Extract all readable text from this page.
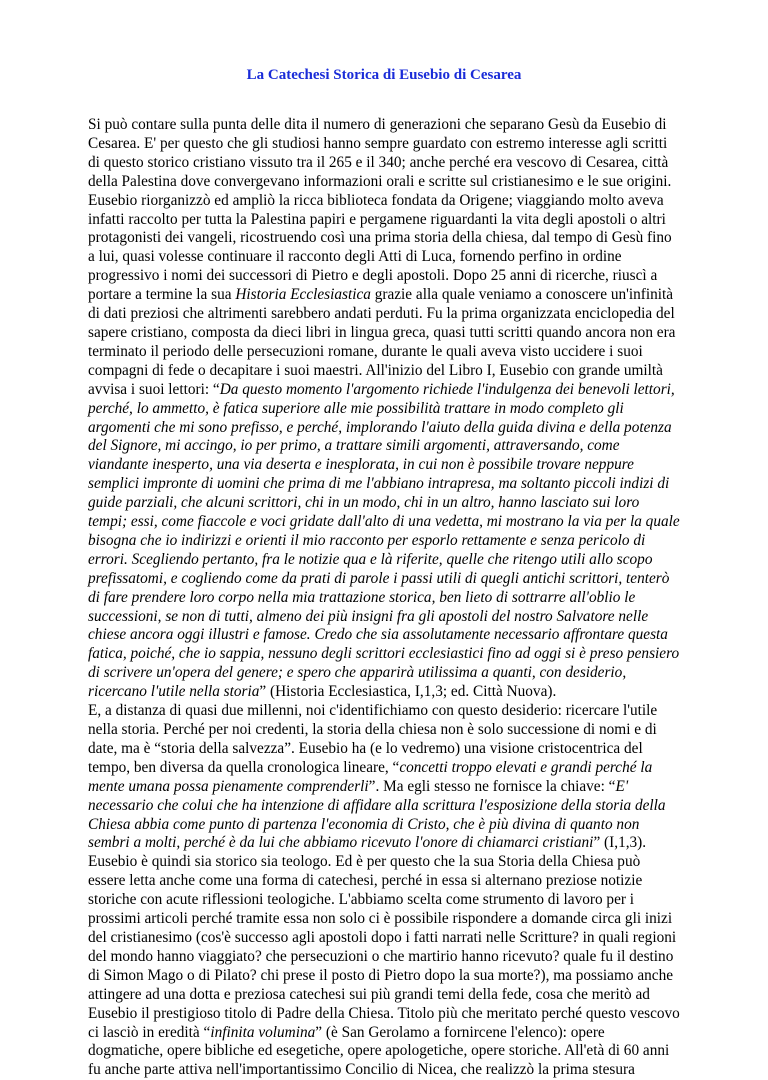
La Catechesi Storica di Eusebio di Cesarea

Si può contare sulla punta delle dita il numero di generazioni che separano Gesù da Eusebio di Cesarea. E' per questo che gli studiosi hanno sempre guardato con estremo interesse agli scritti di questo storico cristiano vissuto tra il 265 e il 340; anche perché era vescovo di Cesarea, città della Palestina dove convergevano informazioni orali e scritte sul cristianesimo e le sue origini. Eusebio riorganizzò ed ampliò la ricca biblioteca fondata da Origene; viaggiando molto aveva infatti raccolto per tutta la Palestina papiri e pergamene riguardanti la vita degli apostoli o altri protagonisti dei vangeli, ricostruendo così una prima storia della chiesa, dal tempo di Gesù fino a lui, quasi volesse continuare il racconto degli Atti di Luca, fornendo perfino in ordine progressivo i nomi dei successori di Pietro e degli apostoli. Dopo 25 anni di ricerche, riuscì a portare a termine la sua Historia Ecclesiastica grazie alla quale veniamo a conoscere un'infinità di dati preziosi che altrimenti sarebbero andati perduti. Fu la prima organizzata enciclopedia del sapere cristiano, composta da dieci libri in lingua greca, quasi tutti scritti quando ancora non era terminato il periodo delle persecuzioni romane, durante le quali aveva visto uccidere i suoi compagni di fede o decapitare i suoi maestri. All'inizio del Libro I, Eusebio con grande umiltà avvisa i suoi lettori: “Da questo momento l'argomento richiede l'indulgenza dei benevoli lettori, perché, lo ammetto, è fatica superiore alle mie possibilità trattare in modo completo gli argomenti che mi sono prefisso, e perché, implorando l'aiuto della guida divina e della potenza del Signore, mi accingo, io per primo, a trattare simili argomenti, attraversando, come viandante inesperto, una via deserta e inesplorata, in cui non è possibile trovare neppure semplici impronte di uomini che prima di me l'abbiano intrapresa, ma soltanto piccoli indizi di guide parziali, che alcuni scrittori, chi in un modo, chi in un altro, hanno lasciato sui loro tempi; essi, come fiaccole e voci gridate dall'alto di una vedetta, mi mostrano la via per la quale bisogna che io indirizzi e orienti il mio racconto per esporlo rettamente e senza pericolo di errori. Scegliendo pertanto, fra le notizie qua e là riferite, quelle che ritengo utili allo scopo prefissatomi, e cogliendo come da prati di parole i passi utili di quegli antichi scrittori, tenterò di fare prendere loro corpo nella mia trattazione storica, ben lieto di sottrarre all'oblio le successioni, se non di tutti, almeno dei più insigni fra gli apostoli del nostro Salvatore nelle chiese ancora oggi illustri e famose. Credo che sia assolutamente necessario affrontare questa fatica, poiché, che io sappia, nessuno degli scrittori ecclesiastici fino ad oggi si è preso pensiero di scrivere un'opera del genere; e spero che apparirà utilissima a quanti, con desiderio, ricercano l'utile nella storia” (Historia Ecclesiastica, I,1,3; ed. Città Nuova).

E, a distanza di quasi due millenni, noi c'identifichiamo con questo desiderio: ricercare l'utile nella storia. Perché per noi credenti, la storia della chiesa non è solo successione di nomi e di date, ma è “storia della salvezza”. Eusebio ha (e lo vedremo) una visione cristocentrica del tempo, ben diversa da quella cronologica lineare, “concetti troppo elevati e grandi perché la mente umana possa pienamente comprenderli”. Ma egli stesso ne fornisce la chiave: “E' necessario che colui che ha intenzione di affidare alla scrittura l'esposizione della storia della Chiesa abbia come punto di partenza l'economia di Cristo, che è più divina di quanto non sembri a molti, perché è da lui che abbiamo ricevuto l'onore di chiamarci cristiani” (I,1,3). Eusebio è quindi sia storico sia teologo. Ed è per questo che la sua Storia della Chiesa può essere letta anche come una forma di catechesi, perché in essa si alternano preziose notizie storiche con acute riflessioni teologiche. L'abbiamo scelta come strumento di lavoro per i prossimi articoli perché tramite essa non solo ci è possibile rispondere a domande circa gli inizi del cristianesimo (cos'è successo agli apostoli dopo i fatti narrati nelle Scritture? in quali regioni del mondo hanno viaggiato? che persecuzioni o che martirio hanno ricevuto? quale fu il destino di Simon Mago o di Pilato? chi prese il posto di Pietro dopo la sua morte?), ma possiamo anche attingere ad una dotta e preziosa catechesi sui più grandi temi della fede, cosa che meritò ad Eusebio il prestigioso titolo di Padre della Chiesa. Titolo più che meritato perché questo vescovo ci lasciò in eredità “infinita volumina” (è San Gerolamo a fornircene l'elenco): opere dogmatiche, opere bibliche ed esegetiche, opere apologetiche, opere storiche. All'età di 60 anni fu anche parte attiva nell'importantissimo Concilio di Nicea, che realizzò la prima stesura
